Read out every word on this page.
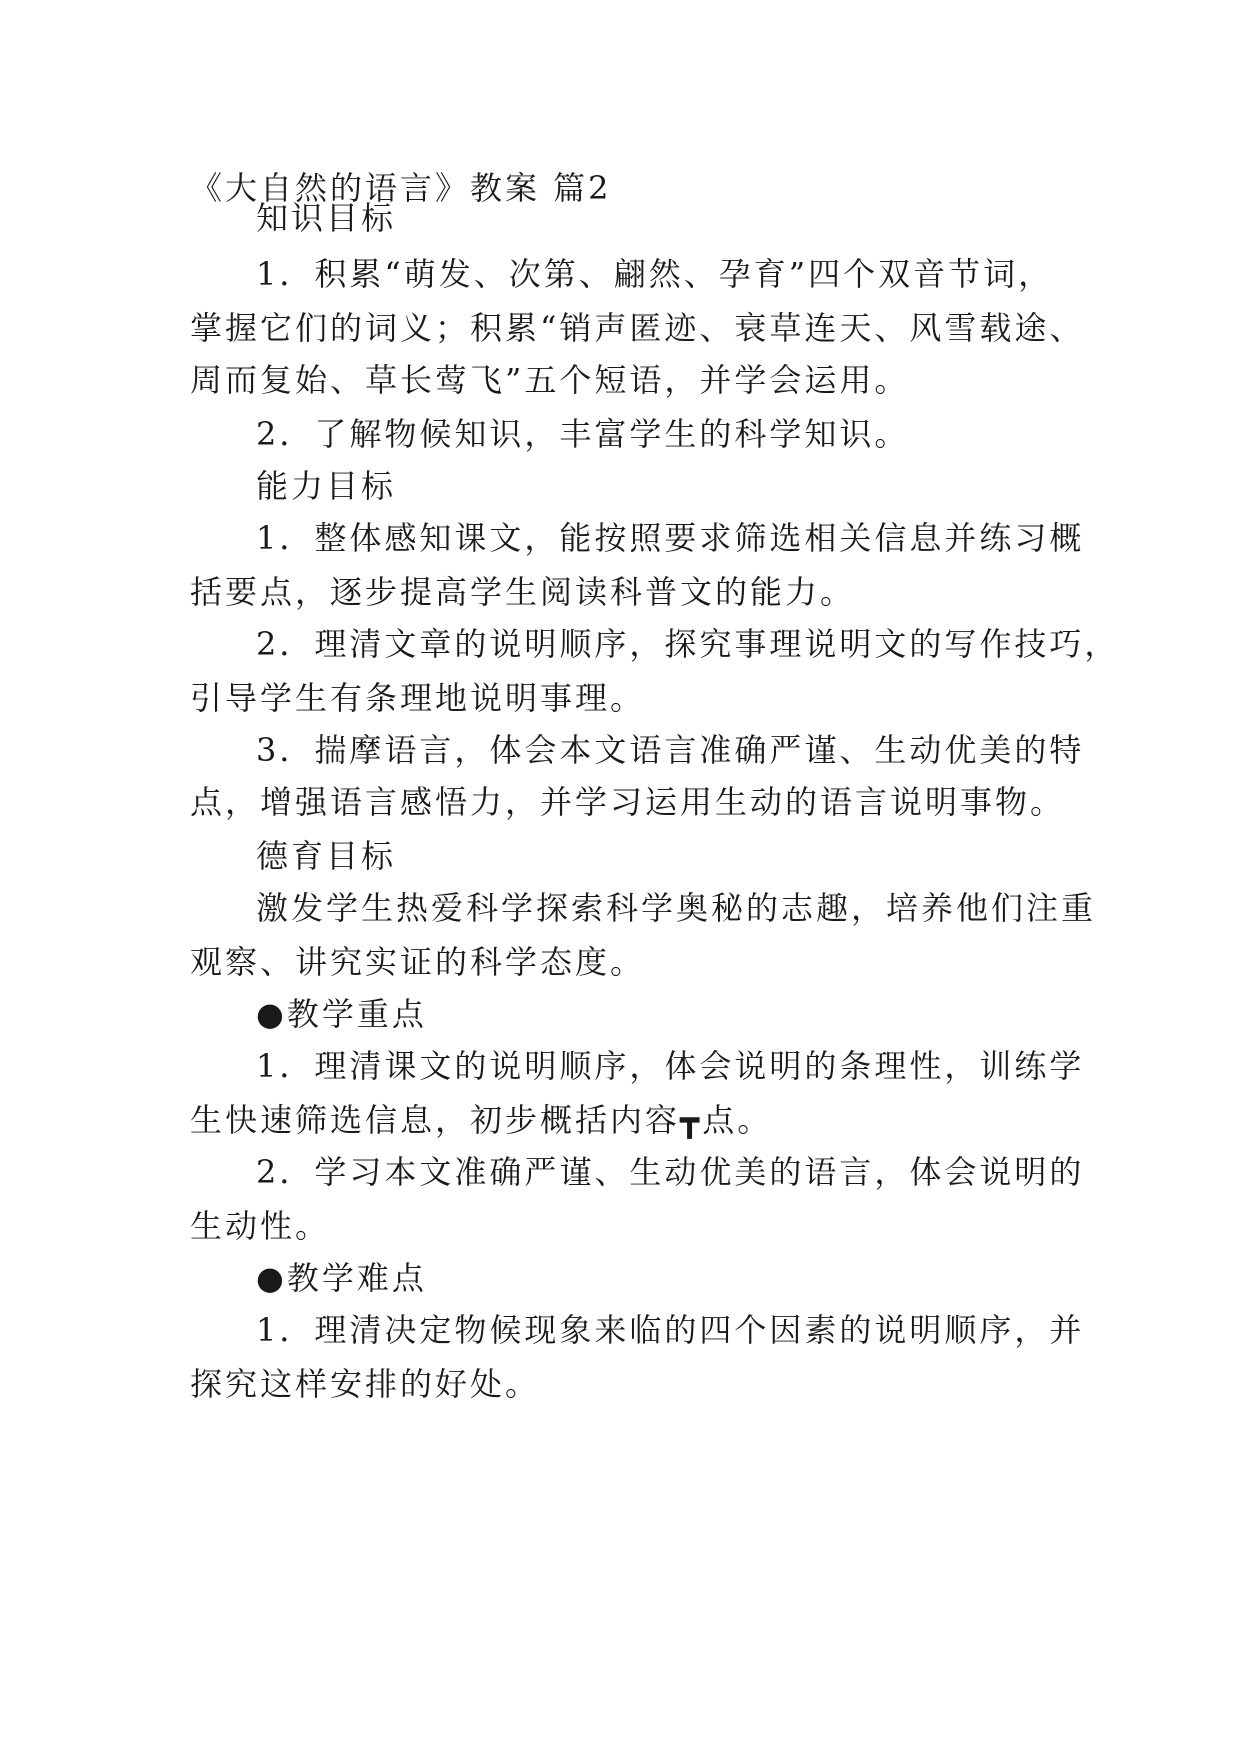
《大自然的语言》教案 篇2
知识目标
1．积累“萌发、次第、翩然、孕育”四个双音节词，
掌握它们的词义；积累“销声匿迹、衰草连天、风雪载途、
周而复始、草长莺飞”五个短语，并学会运用。
2．了解物候知识，丰富学生的科学知识。
能力目标
1．整体感知课文，能按照要求筛选相关信息并练习概
括要点，逐步提高学生阅读科普文的能力。
2．理清文章的说明顺序，探究事理说明文的写作技巧，
引导学生有条理地说明事理。
3．揣摩语言，体会本文语言准确严谨、生动优美的特
点，增强语言感悟力，并学习运用生动的语言说明事物。
德育目标
激发学生热爱科学探索科学奥秘的志趣，培养他们注重
观察、讲究实证的科学态度。
●教学重点
1．理清课文的说明顺序，体会说明的条理性，训练学
生快速筛选信息，初步概括内容┳点。
2．学习本文准确严谨、生动优美的语言，体会说明的
生动性。
●教学难点
1．理清决定物候现象来临的四个因素的说明顺序，并
探究这样安排的好处。
